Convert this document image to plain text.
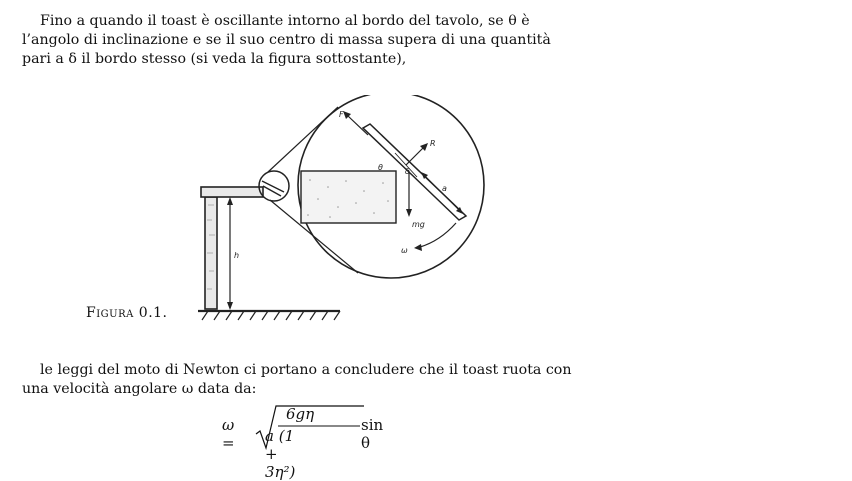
Fino a quando il toast è oscillante intorno al bordo del tavolo, se θ è l’angolo di inclinazione e se il suo centro di massa supera di una quantità pari a δ il bordo stesso (si veda la figura sottostante),

h
F
R
θ	δ
a
mg
ω
Figura 0.1.

le leggi del moto di Newton ci portano a concludere che il toast ruota con una velocità angolare ω data da:

ω =
6gη
a (1 + 3η²)
sin θ
